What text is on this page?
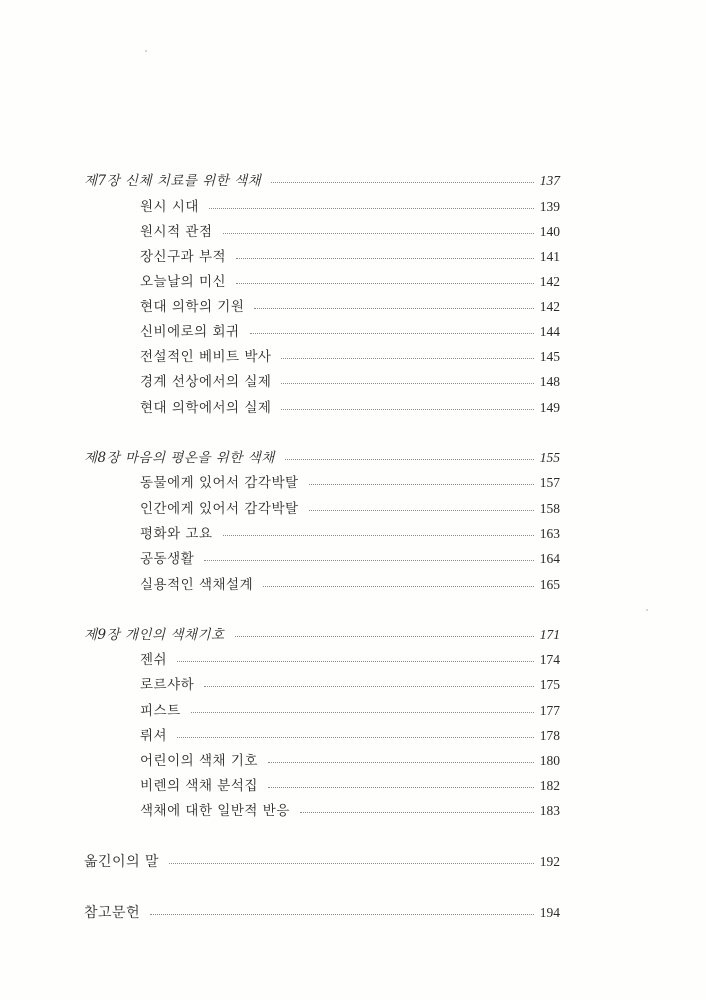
제7장 신체 치료를 위한 색채	137
원시 시대	139
원시적 관점	140
장신구과 부적	141
오늘날의 미신	142
현대 의학의 기원	142
신비에로의 회귀	144
전설적인 베비트 박사	145
경계 선상에서의 실제	148
현대 의학에서의 실제	149
제8장 마음의 평온을 위한 색채	155
동물에게 있어서 감각박탈	157
인간에게 있어서 감각박탈	158
평화와 고요	163
공동생활	164
실용적인 색채설계	165
제9장 개인의 색채기호	171
젠쉬	174
로르샤하	175
피스트	177
뤼셔	178
어린이의 색채 기호	180
비렌의 색채 분석집	182
색채에 대한 일반적 반응	183
옮긴이의 말	192
참고문헌	194
